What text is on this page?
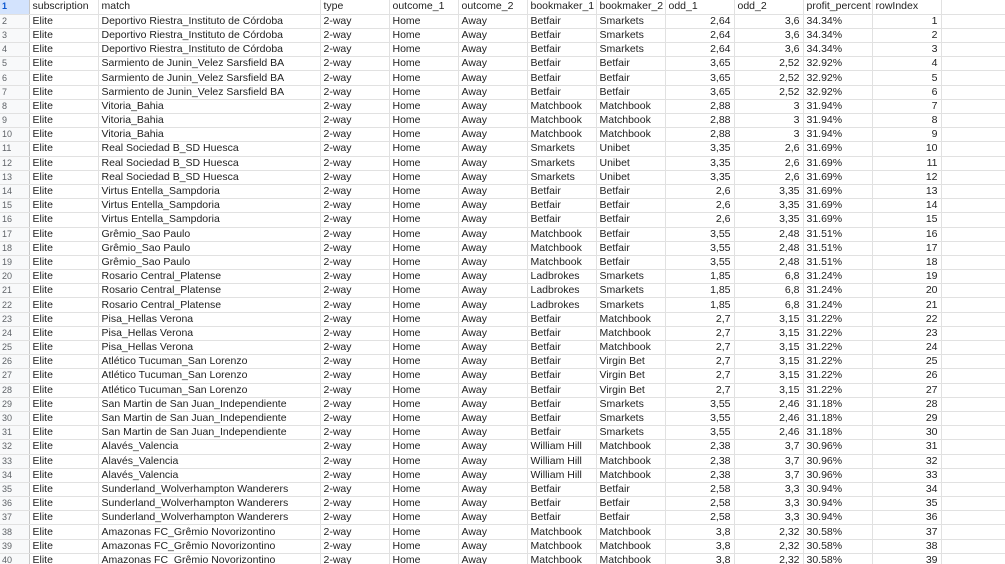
1	subscription	match	type	outcome_1	outcome_2	bookmaker_1	bookmaker_2	odd_1	odd_2	profit_percent	rowIndex	
2	Elite	Deportivo Riestra_Instituto de Córdoba	2-way	Home	Away	Betfair	Smarkets	2,64	3,6	34.34%	1	
3	Elite	Deportivo Riestra_Instituto de Córdoba	2-way	Home	Away	Betfair	Smarkets	2,64	3,6	34.34%	2	
4	Elite	Deportivo Riestra_Instituto de Córdoba	2-way	Home	Away	Betfair	Smarkets	2,64	3,6	34.34%	3	
5	Elite	Sarmiento de Junin_Velez Sarsfield BA	2-way	Home	Away	Betfair	Betfair	3,65	2,52	32.92%	4	
6	Elite	Sarmiento de Junin_Velez Sarsfield BA	2-way	Home	Away	Betfair	Betfair	3,65	2,52	32.92%	5	
7	Elite	Sarmiento de Junin_Velez Sarsfield BA	2-way	Home	Away	Betfair	Betfair	3,65	2,52	32.92%	6	
8	Elite	Vitoria_Bahia	2-way	Home	Away	Matchbook	Matchbook	2,88	3	31.94%	7	
9	Elite	Vitoria_Bahia	2-way	Home	Away	Matchbook	Matchbook	2,88	3	31.94%	8	
10	Elite	Vitoria_Bahia	2-way	Home	Away	Matchbook	Matchbook	2,88	3	31.94%	9	
11	Elite	Real Sociedad B_SD Huesca	2-way	Home	Away	Smarkets	Unibet	3,35	2,6	31.69%	10	
12	Elite	Real Sociedad B_SD Huesca	2-way	Home	Away	Smarkets	Unibet	3,35	2,6	31.69%	11	
13	Elite	Real Sociedad B_SD Huesca	2-way	Home	Away	Smarkets	Unibet	3,35	2,6	31.69%	12	
14	Elite	Virtus Entella_Sampdoria	2-way	Home	Away	Betfair	Betfair	2,6	3,35	31.69%	13	
15	Elite	Virtus Entella_Sampdoria	2-way	Home	Away	Betfair	Betfair	2,6	3,35	31.69%	14	
16	Elite	Virtus Entella_Sampdoria	2-way	Home	Away	Betfair	Betfair	2,6	3,35	31.69%	15	
17	Elite	Grêmio_Sao Paulo	2-way	Home	Away	Matchbook	Betfair	3,55	2,48	31.51%	16	
18	Elite	Grêmio_Sao Paulo	2-way	Home	Away	Matchbook	Betfair	3,55	2,48	31.51%	17	
19	Elite	Grêmio_Sao Paulo	2-way	Home	Away	Matchbook	Betfair	3,55	2,48	31.51%	18	
20	Elite	Rosario Central_Platense	2-way	Home	Away	Ladbrokes	Smarkets	1,85	6,8	31.24%	19	
21	Elite	Rosario Central_Platense	2-way	Home	Away	Ladbrokes	Smarkets	1,85	6,8	31.24%	20	
22	Elite	Rosario Central_Platense	2-way	Home	Away	Ladbrokes	Smarkets	1,85	6,8	31.24%	21	
23	Elite	Pisa_Hellas Verona	2-way	Home	Away	Betfair	Matchbook	2,7	3,15	31.22%	22	
24	Elite	Pisa_Hellas Verona	2-way	Home	Away	Betfair	Matchbook	2,7	3,15	31.22%	23	
25	Elite	Pisa_Hellas Verona	2-way	Home	Away	Betfair	Matchbook	2,7	3,15	31.22%	24	
26	Elite	Atlético Tucuman_San Lorenzo	2-way	Home	Away	Betfair	Virgin Bet	2,7	3,15	31.22%	25	
27	Elite	Atlético Tucuman_San Lorenzo	2-way	Home	Away	Betfair	Virgin Bet	2,7	3,15	31.22%	26	
28	Elite	Atlético Tucuman_San Lorenzo	2-way	Home	Away	Betfair	Virgin Bet	2,7	3,15	31.22%	27	
29	Elite	San Martin de San Juan_Independiente	2-way	Home	Away	Betfair	Smarkets	3,55	2,46	31.18%	28	
30	Elite	San Martin de San Juan_Independiente	2-way	Home	Away	Betfair	Smarkets	3,55	2,46	31.18%	29	
31	Elite	San Martin de San Juan_Independiente	2-way	Home	Away	Betfair	Smarkets	3,55	2,46	31.18%	30	
32	Elite	Alavés_Valencia	2-way	Home	Away	William Hill	Matchbook	2,38	3,7	30.96%	31	
33	Elite	Alavés_Valencia	2-way	Home	Away	William Hill	Matchbook	2,38	3,7	30.96%	32	
34	Elite	Alavés_Valencia	2-way	Home	Away	William Hill	Matchbook	2,38	3,7	30.96%	33	
35	Elite	Sunderland_Wolverhampton Wanderers	2-way	Home	Away	Betfair	Betfair	2,58	3,3	30.94%	34	
36	Elite	Sunderland_Wolverhampton Wanderers	2-way	Home	Away	Betfair	Betfair	2,58	3,3	30.94%	35	
37	Elite	Sunderland_Wolverhampton Wanderers	2-way	Home	Away	Betfair	Betfair	2,58	3,3	30.94%	36	
38	Elite	Amazonas FC_Grêmio Novorizontino	2-way	Home	Away	Matchbook	Matchbook	3,8	2,32	30.58%	37	
39	Elite	Amazonas FC_Grêmio Novorizontino	2-way	Home	Away	Matchbook	Matchbook	3,8	2,32	30.58%	38	
40	Elite	Amazonas FC_Grêmio Novorizontino	2-way	Home	Away	Matchbook	Matchbook	3,8	2,32	30.58%	39	
